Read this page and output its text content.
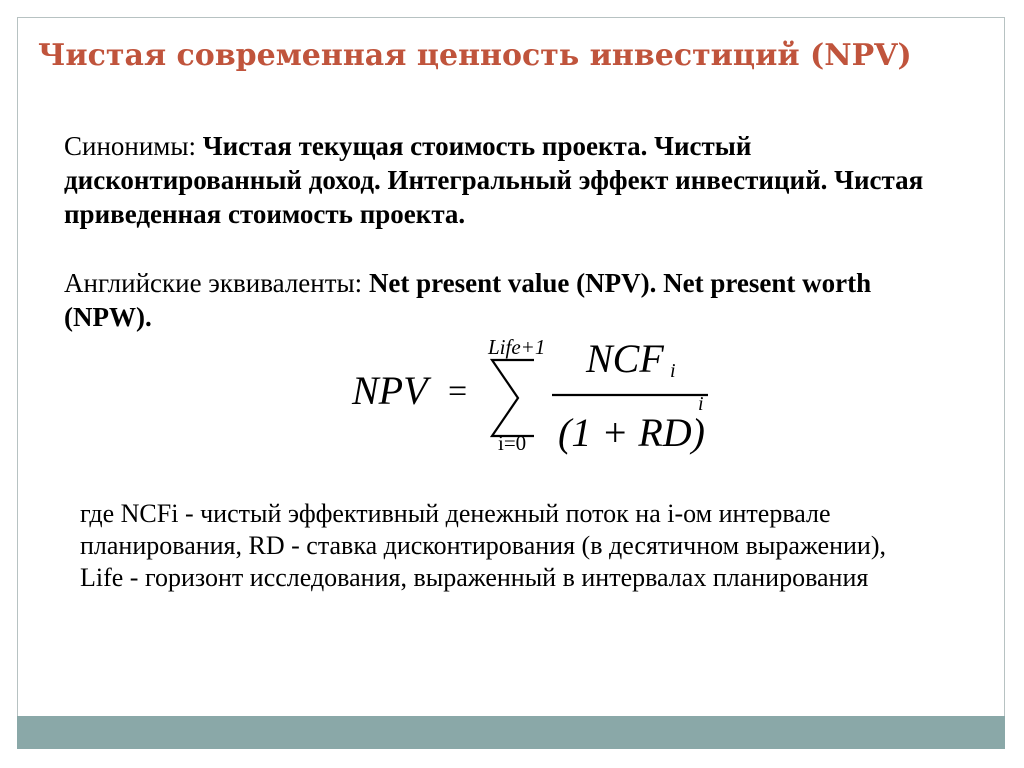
Чистая современная ценность инвестиций (NPV)
Синонимы: Чистая текущая стоимость проекта. Чистый дисконтированный доход. Интегральный эффект инвестиций. Чистая приведенная стоимость проекта.
Английские эквиваленты: Net present value (NPV). Net present worth (NPW).
NPV =
Life+1
i=0
NCF i
(1 + RD)
i
где NCFi - чистый эффективный денежный поток на i-ом интервале планирования, RD - ставка дисконтирования (в десятичном выражении), Life - горизонт исследования, выраженный в интервалах планирования
